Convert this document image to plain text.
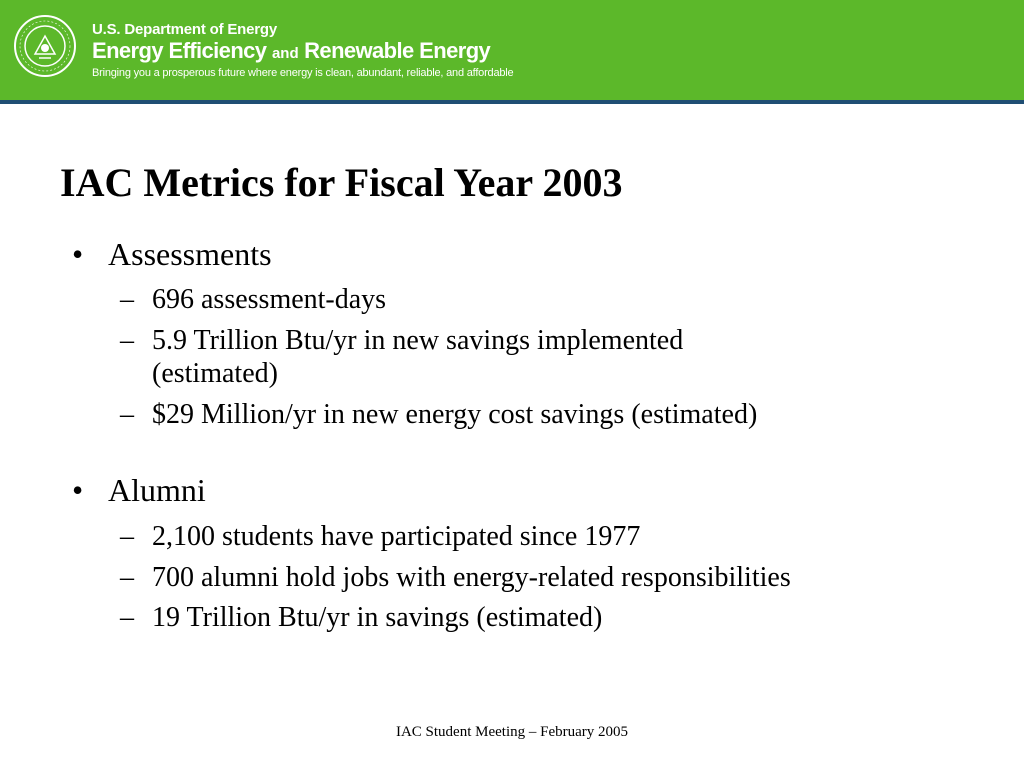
U.S. Department of Energy
Energy Efficiency and Renewable Energy
Bringing you a prosperous future where energy is clean, abundant, reliable, and affordable
IAC Metrics for Fiscal Year 2003
• Assessments
– 696 assessment-days
– 5.9 Trillion Btu/yr in new savings implemented
(estimated)
– $29 Million/yr in new energy cost savings (estimated)
• Alumni
– 2,100 students have participated since 1977
– 700 alumni hold jobs with energy-related responsibilities
– 19 Trillion Btu/yr in savings (estimated)
IAC Student Meeting – February 2005
